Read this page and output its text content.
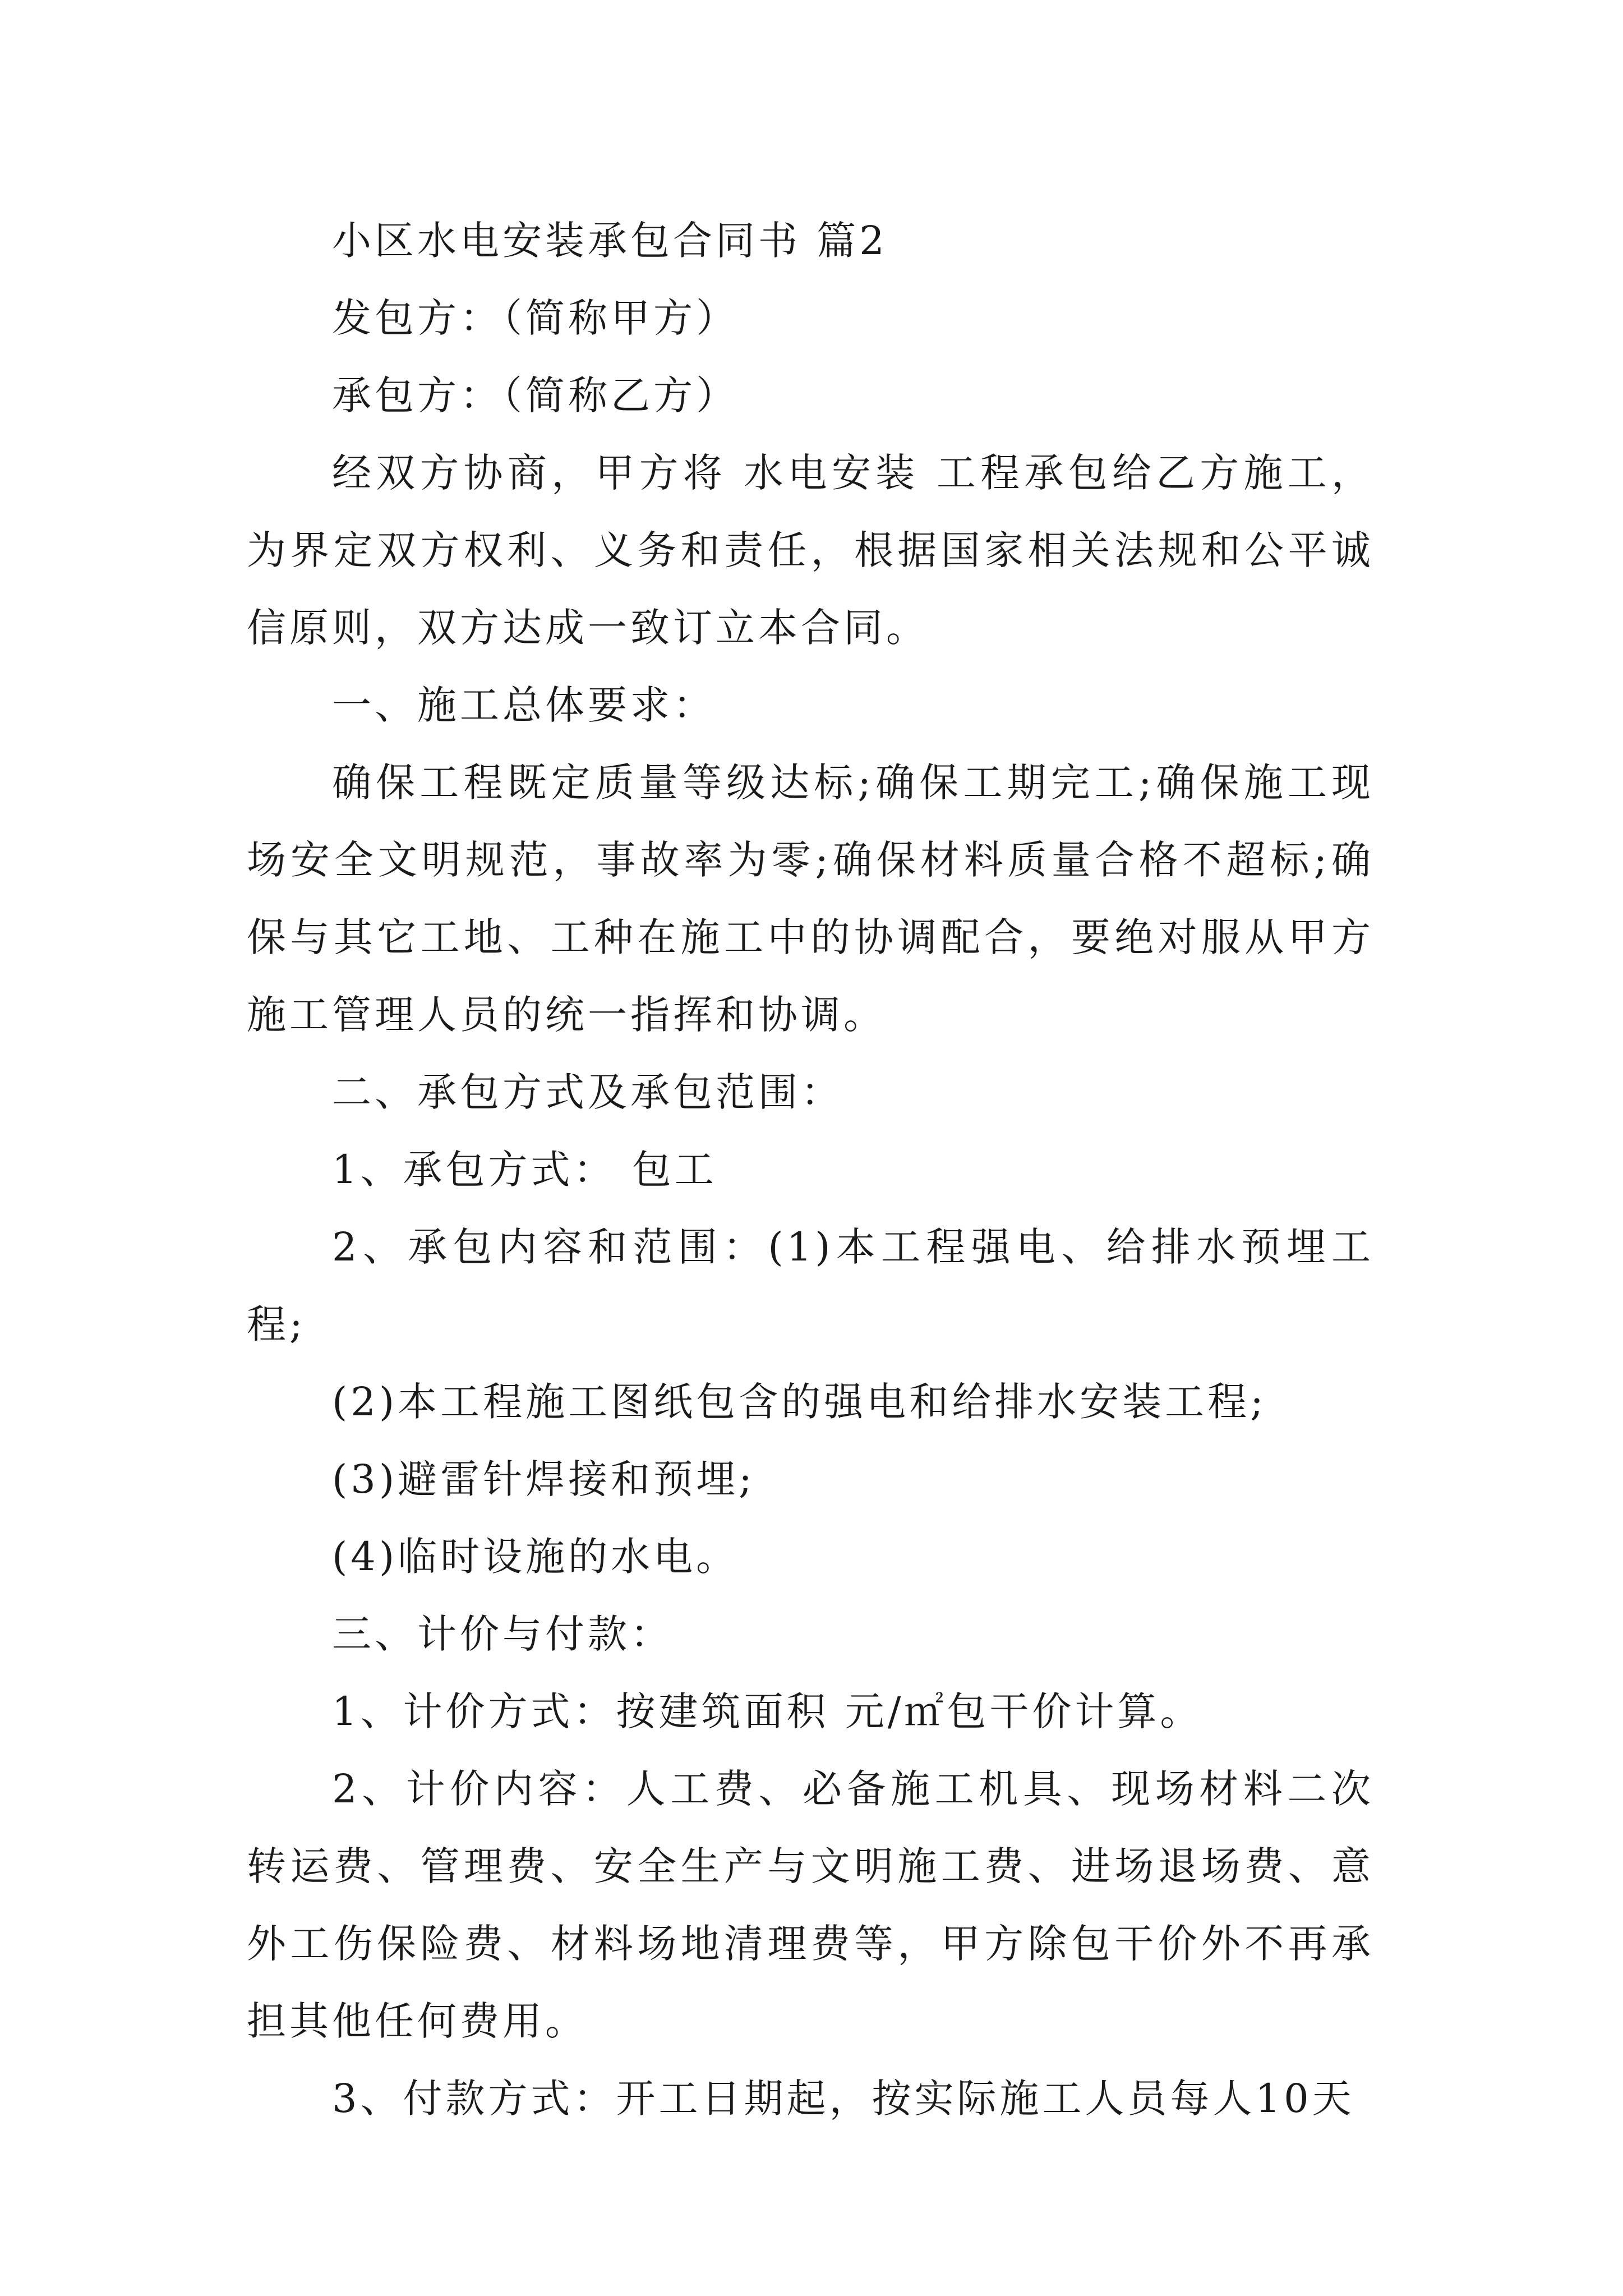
小区水电安装承包合同书 篇2

发包方：（简称甲方）

承包方：（简称乙方）

经双方协商，甲方将 水电安装 工程承包给乙方施工，为界定双方权利、义务和责任，根据国家相关法规和公平诚信原则，双方达成一致订立本合同。

一、施工总体要求：

确保工程既定质量等级达标;确保工期完工;确保施工现场安全文明规范，事故率为零;确保材料质量合格不超标;确保与其它工地、工种在施工中的协调配合，要绝对服从甲方施工管理人员的统一指挥和协调。

二、承包方式及承包范围：

1、承包方式： 包工

2、承包内容和范围：(1)本工程强电、给排水预埋工程;

(2)本工程施工图纸包含的强电和给排水安装工程;

(3)避雷针焊接和预埋;

(4)临时设施的水电。

三、计价与付款：

1、计价方式：按建筑面积 元/㎡包干价计算。

2、计价内容：人工费、必备施工机具、现场材料二次转运费、管理费、安全生产与文明施工费、进场退场费、意外工伤保险费、材料场地清理费等，甲方除包干价外不再承担其他任何费用。

3、付款方式：开工日期起，按实际施工人员每人10天
